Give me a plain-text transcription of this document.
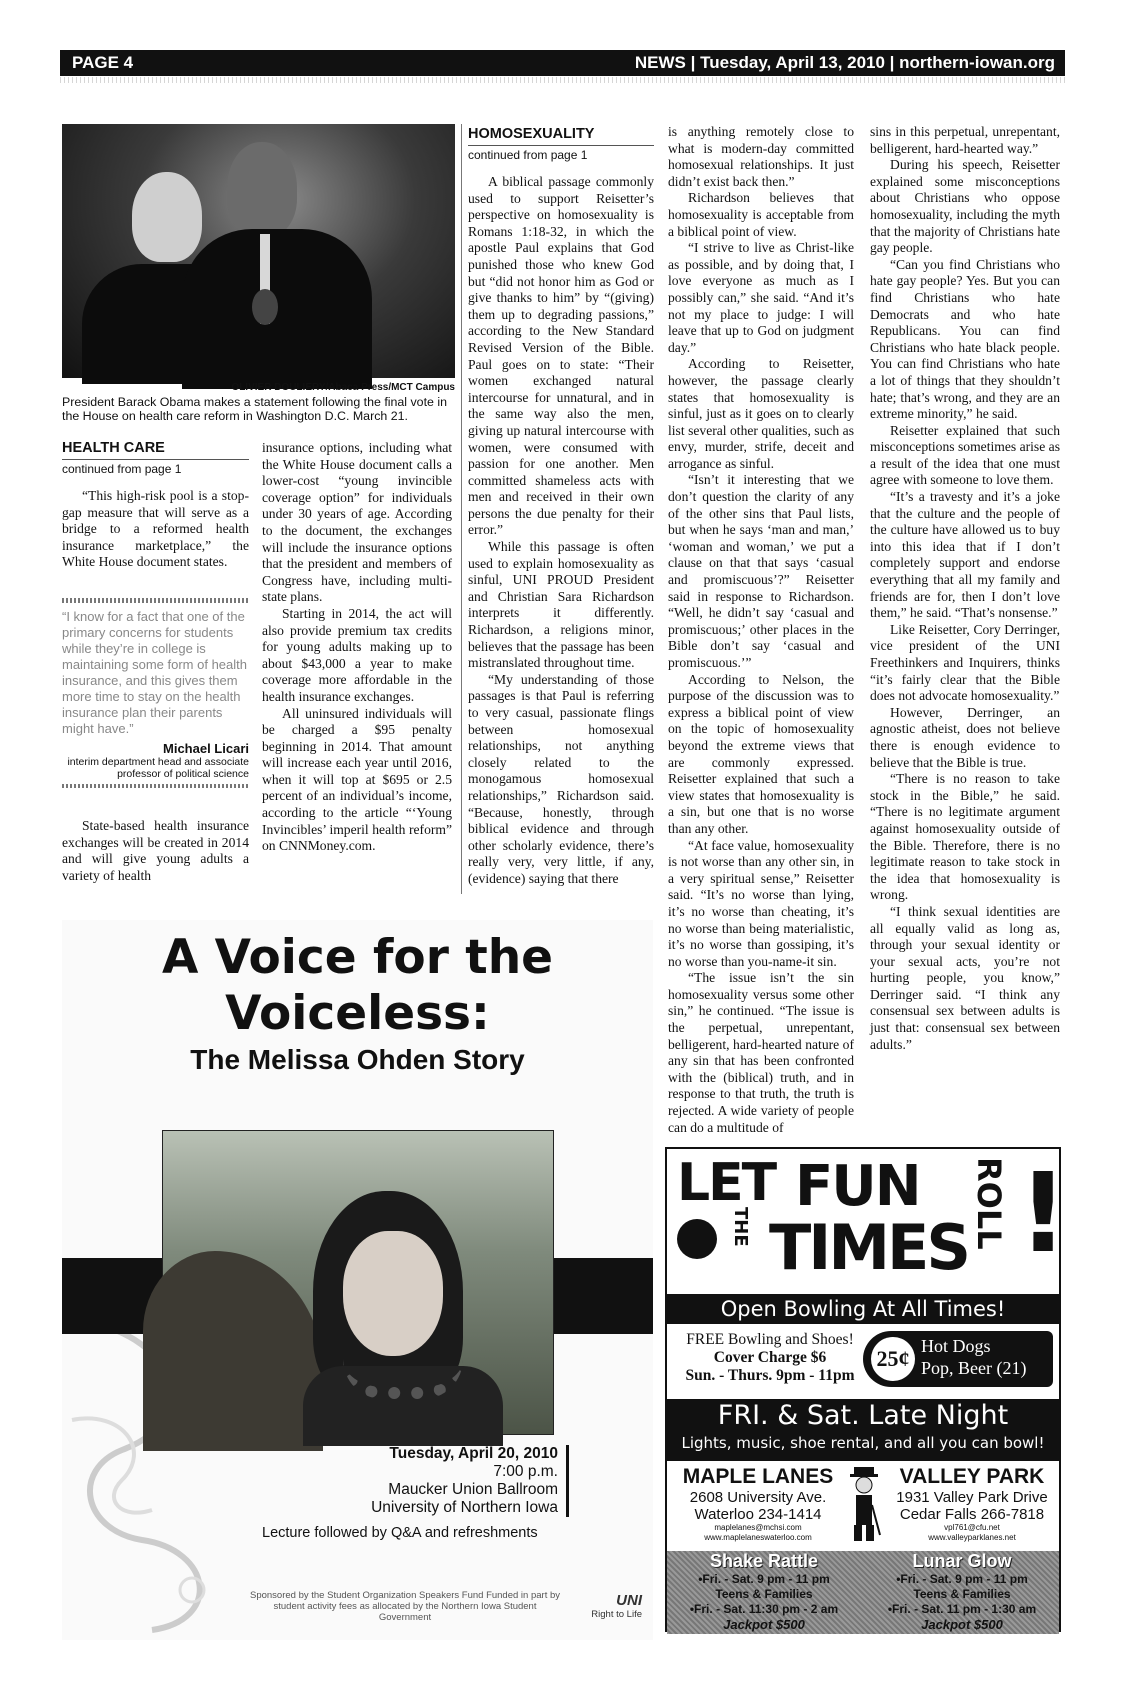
PAGE 4	NEWS | Tuesday, April 13, 2010 | northern-iowan.org
OLIVIER DOULIERY/Abaca Press/MCT Campus
President Barack Obama makes a statement following the final vote in the House on health care reform in Washington D.C. March 21.
HEALTH CARE
continued from page 1

“This high-risk pool is a stop-gap measure that will serve as a bridge to a reformed health insurance marketplace,” the White House document states.

“I know for a fact that one of the primary concerns for students while they’re in college is maintaining some form of health insurance, and this gives them more time to stay on the health insurance plan their parents might have.”
Michael Licari
interim department head and associate professor of political science

State-based health insurance exchanges will be created in 2014 and will give young adults a variety of health

insurance options, including what the White House document calls a lower-cost “young invincible coverage option” for individuals under 30 years of age. According to the document, the exchanges will include the insurance options that the president and members of Congress have, including multi-state plans.

Starting in 2014, the act will also provide premium tax credits for young adults making up to about $43,000 a year to make coverage more affordable in the health insurance exchanges.

All uninsured individuals will be charged a $95 penalty beginning in 2014. That amount will increase each year until 2016, when it will top at $695 or 2.5 percent of an individual’s income, according to the article “‘Young Invincibles’ imperil health reform” on CNNMoney.com.

HOMOSEXUALITY
continued from page 1

A biblical passage commonly used to support Reisetter’s perspective on homosexuality is Romans 1:18-32, in which the apostle Paul explains that God punished those who knew God but “did not honor him as God or give thanks to him” by “(giving) them up to degrading passions,” according to the New Standard Revised Version of the Bible. Paul goes on to state: “Their women exchanged natural intercourse for unnatural, and in the same way also the men, giving up natural intercourse with women, were consumed with passion for one another. Men committed shameless acts with men and received in their own persons the due penalty for their error.”

While this passage is often used to explain homosexuality as sinful, UNI PROUD President and Christian Sara Richardson interprets it differently. Richardson, a religions minor, believes that the passage has been mistranslated throughout time.

“My understanding of those passages is that Paul is referring to very casual, passionate flings between homosexual relationships, not anything closely related to the monogamous homosexual relationships,” Richardson said. “Because, honestly, through biblical evidence and through other scholarly evidence, there’s really very, very little, if any, (evidence) saying that there

is anything remotely close to what is modern-day committed homosexual relationships. It just didn’t exist back then.”

Richardson believes that homosexuality is acceptable from a biblical point of view.

“I strive to live as Christ-like as possible, and by doing that, I love everyone as much as I possibly can,” she said. “And it’s not my place to judge: I will leave that up to God on judgment day.”

According to Reisetter, however, the passage clearly states that homosexuality is sinful, just as it goes on to clearly list several other qualities, such as envy, murder, strife, deceit and arrogance as sinful.

“Isn’t it interesting that we don’t question the clarity of any of the other sins that Paul lists, but when he says ‘man and man,’ ‘woman and woman,’ we put a clause on that that says ‘casual and promiscuous’?” Reisetter said in response to Richardson. “Well, he didn’t say ‘casual and promiscuous;’ other places in the Bible don’t say ‘casual and promiscuous.’”

According to Nelson, the purpose of the discussion was to express a biblical point of view on the topic of homosexuality beyond the extreme views that are commonly expressed. Reisetter explained that such a view states that homosexuality is a sin, but one that is no worse than any other.

“At face value, homosexuality is not worse than any other sin, in a very spiritual sense,” Reisetter said. “It’s no worse than lying, it’s no worse than cheating, it’s no worse than being materialistic, it’s no worse than gossiping, it’s no worse than you-name-it sin.

“The issue isn’t the sin homosexuality versus some other sin,” he continued. “The issue is the perpetual, unrepentant, belligerent, hard-hearted nature of any sin that has been confronted with the (biblical) truth, and in response to that truth, the truth is rejected. A wide variety of people can do a multitude of

sins in this perpetual, unrepentant, belligerent, hard-hearted way.”

During his speech, Reisetter explained some misconceptions about Christians who oppose homosexuality, including the myth that the majority of Christians hate gay people.

“Can you find Christians who hate gay people? Yes. But you can find Christians who hate Democrats and who hate Republicans. You can find Christians who hate black people. You can find Christians who hate a lot of things that they shouldn’t hate; that’s wrong, and they are an extreme minority,” he said.

Reisetter explained that such misconceptions sometimes arise as a result of the idea that one must agree with someone to love them.

“It’s a travesty and it’s a joke that the culture and the people of the culture have allowed us to buy into this idea that if I don’t completely support and endorse everything that all my family and friends are for, then I don’t love them,” he said. “That’s nonsense.”

Like Reisetter, Cory Derringer, vice president of the UNI Freethinkers and Inquirers, thinks “it’s fairly clear that the Bible does not advocate homosexuality.”

However, Derringer, an agnostic atheist, does not believe there is enough evidence to believe that the Bible is true.

“There is no reason to take stock in the Bible,” he said. “There is no legitimate argument against homosexuality outside of the Bible. Therefore, there is no legitimate reason to take stock in the idea that homosexuality is wrong.

“I think sexual identities are all equally valid as long as, through your sexual identity or your sexual acts, you’re not hurting people, you know,” Derringer said. “I think any consensual sex between adults is just that: consensual sex between adults.”

A Voice for the
Voiceless:
The Melissa Ohden Story
Tuesday, April 20, 2010
7:00 p.m.
Maucker Union Ballroom
University of Northern Iowa
Lecture followed by Q&A and refreshments
Sponsored by the Student Organization Speakers Fund Funded in part by student activity fees as allocated by the Northern Iowa Student Government
UNI
Right to Life
LET FUN
THE TIMES ROLL !
Open Bowling At All Times!
FREE Bowling and Shoes!
Cover Charge $6
Sun. - Thurs. 9pm - 11pm
25¢ Hot Dogs
Pop, Beer (21)
FRI. & Sat. Late Night
Lights, music, shoe rental, and all you can bowl!
MAPLE LANES
2608 University Ave.
Waterloo 234-1414
maplelanes@mchsi.com
www.maplelaneswaterloo.com
VALLEY PARK
1931 Valley Park Drive
Cedar Falls 266-7818
vpl761@cfu.net
www.valleyparklanes.net
Shake Rattle
•Fri. - Sat. 9 pm - 11 pm
Teens & Families
•Fri. - Sat. 11:30 pm - 2 am
Jackpot $500
Lunar Glow
•Fri. - Sat. 9 pm - 11 pm
Teens & Families
•Fri. - Sat. 11 pm - 1:30 am
Jackpot $500
